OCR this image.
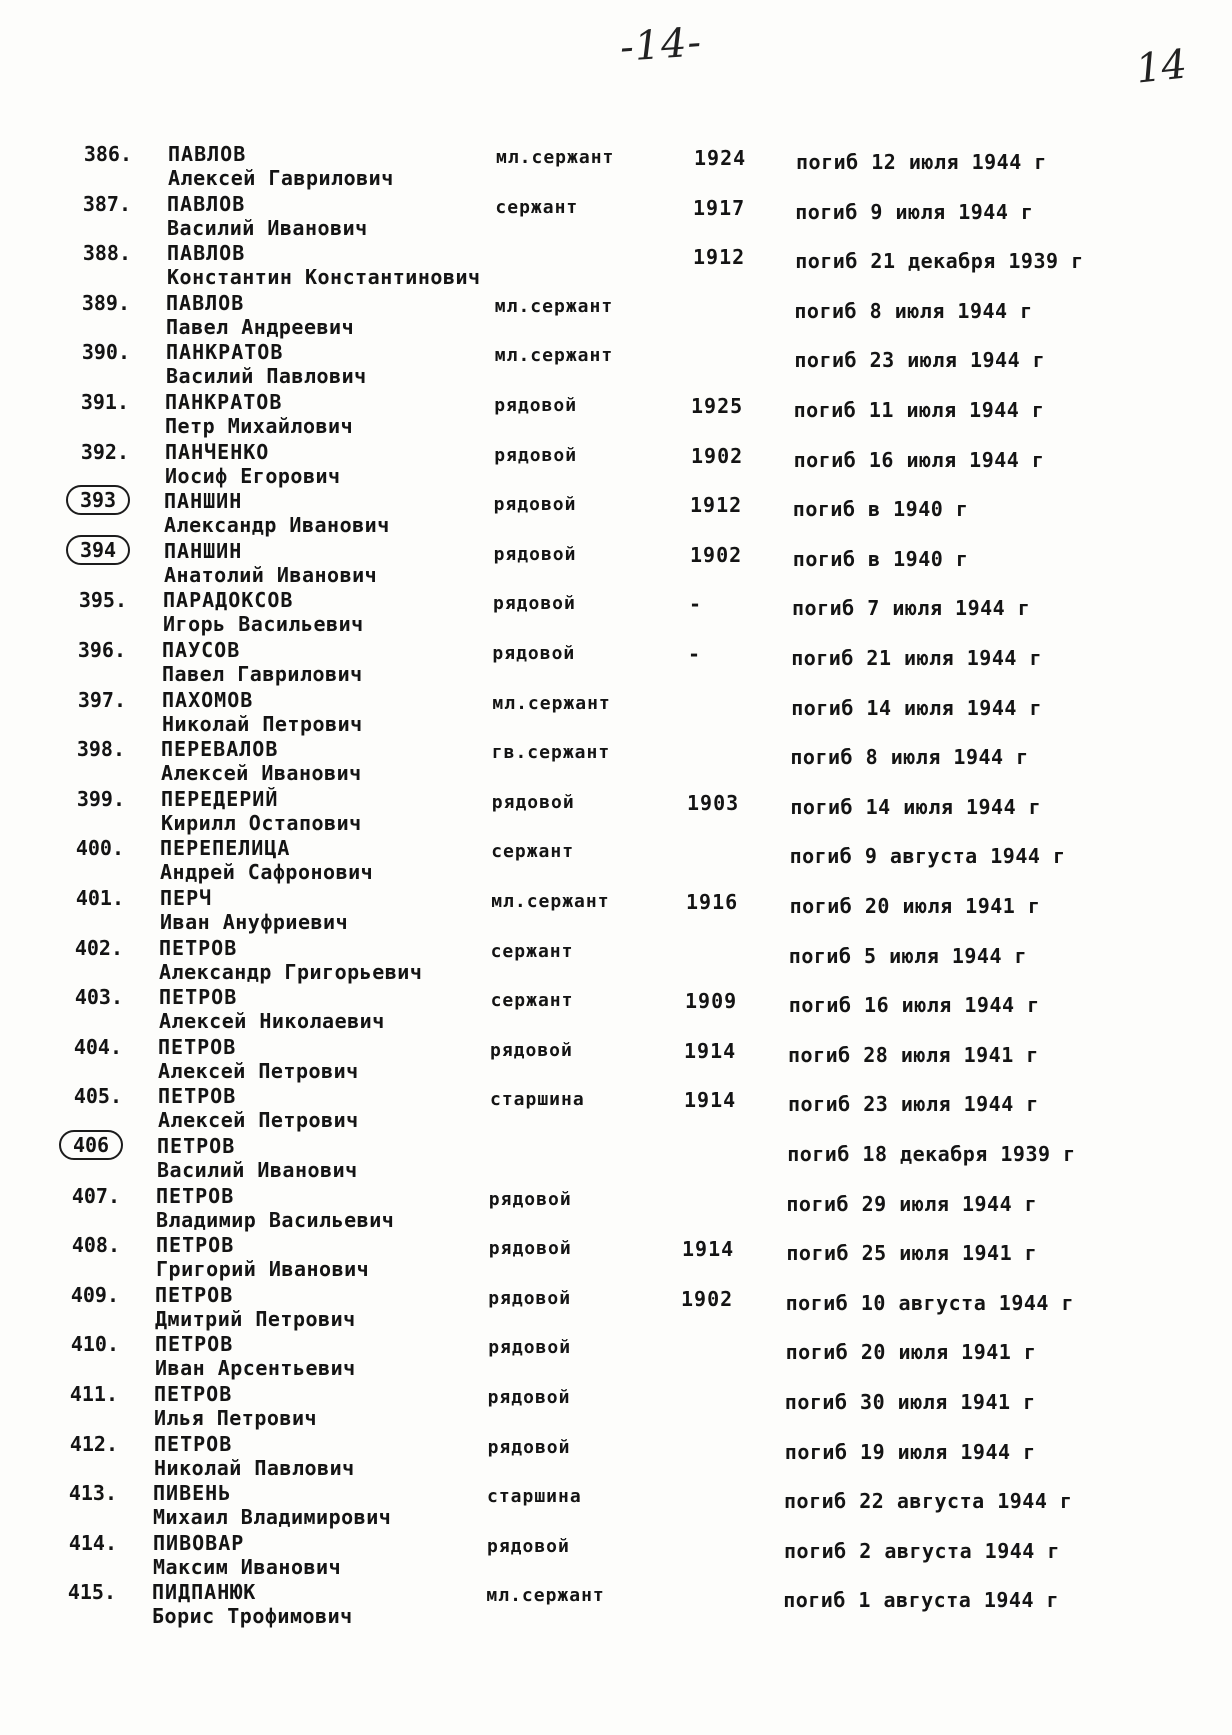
-14-	14
386. ПАВЛОВ
Алексей Гаврилович
мл.сержант	1924 погиб 12 июля 1944 г
387. ПАВЛОВ
Василий Иванович
сержант	1917	погиб 9 июля 1944 г
388. ПАВЛОВ
Константин Константинович
1912	погиб 21 декабря 1939 г
389. ПАВЛОВ
Павел Андреевич
мл.сержант	погиб 8 июля 1944 г
390. ПАНКРАТОВ
Василий Павлович
мл.сержант	погиб 23 июля 1944 г
391. ПАНКРАТОВ
Петр Михайлович
рядовой	1925	погиб 11 июля 1944 г
392. ПАНЧЕНКО
Иосиф Егорович
рядовой	1902	погиб 16 июля 1944 г
393	ПАНШИН
Александр Иванович
рядовой	1912	погиб в 1940 г
394	ПАНШИН
Анатолий Иванович
рядовой	1902	погиб в 1940 г
395. ПАРАДОКСОВ
Игорь Васильевич
рядовой	-	погиб 7 июля 1944 г
396. ПАУСОВ
Павел Гаврилович
рядовой	-	погиб 21 июля 1944 г
397. ПАХОМОВ
Николай Петрович
мл.сержант	погиб 14 июля 1944 г
398. ПЕРЕВАЛОВ
Алексей Иванович
гв.сержант	погиб 8 июля 1944 г
399. ПЕРЕДЕРИЙ
Кирилл Остапович
рядовой	1903	погиб 14 июля 1944 г
400. ПЕРЕПЕЛИЦА
Андрей Сафронович
сержант	погиб 9 августа 1944 г
401. ПЕРЧ
Иван Ануфриевич
мл.сержант	1916	погиб 20 июля 1941 г
402. ПЕТРОВ
Александр Григорьевич
сержант	погиб 5 июля 1944 г
403. ПЕТРОВ
Алексей Николаевич
сержант	1909	погиб 16 июля 1944 г
404. ПЕТРОВ
Алексей Петрович
рядовой	1914	погиб 28 июля 1941 г
405. ПЕТРОВ
Алексей Петрович
старшина	1914	погиб 23 июля 1944 г
406	ПЕТРОВ
Василий Иванович
погиб 18 декабря 1939 г
407. ПЕТРОВ
Владимир Васильевич
рядовой	погиб 29 июля 1944 г
408. ПЕТРОВ
Григорий Иванович
рядовой	1914	погиб 25 июля 1941 г
409. ПЕТРОВ
Дмитрий Петрович
рядовой	1902	погиб 10 августа 1944 г
410. ПЕТРОВ
Иван Арсентьевич
рядовой	погиб 20 июля 1941 г
411. ПЕТРОВ
Илья Петрович
рядовой	погиб 30 июля 1941 г
412. ПЕТРОВ
Николай Павлович
рядовой	погиб 19 июля 1944 г
413. ПИВЕНЬ
Михаил Владимирович
старшина	погиб 22 августа 1944 г
414. ПИВОВАР
Максим Иванович
рядовой	погиб 2 августа 1944 г
415. ПИДПАНЮК
Борис Трофимович
мл.сержант	погиб 1 августа 1944 г
